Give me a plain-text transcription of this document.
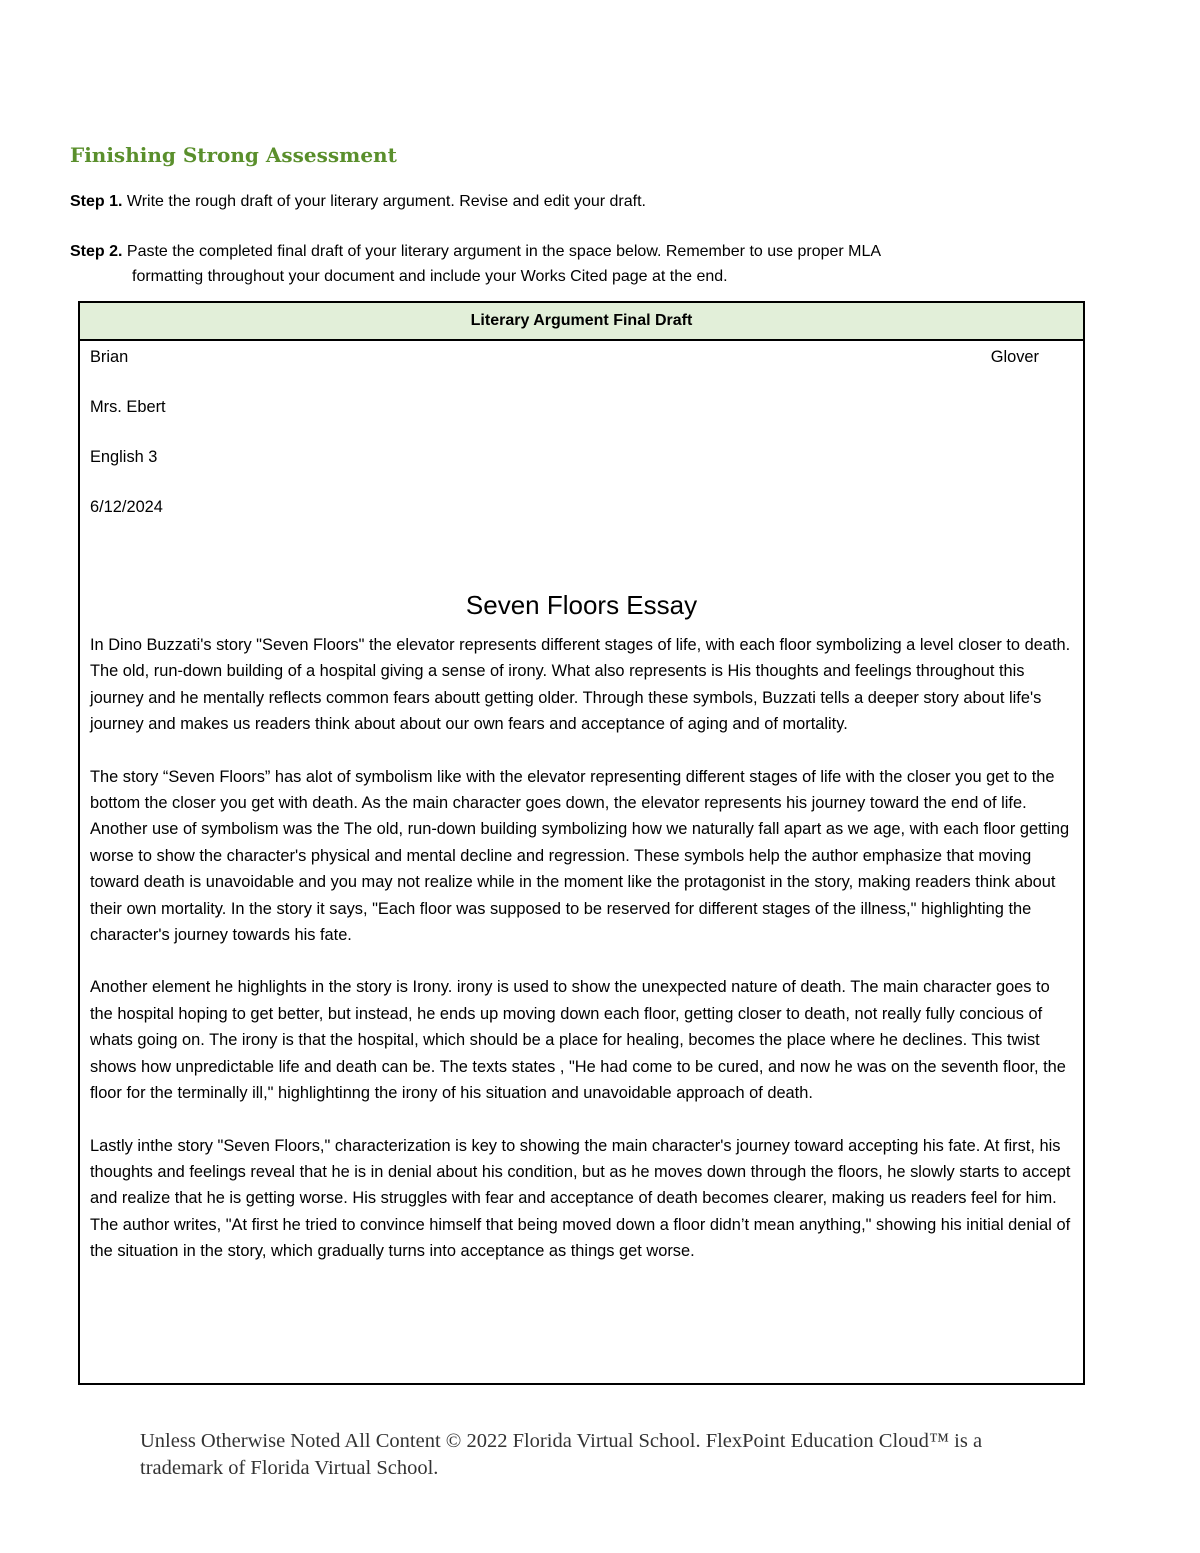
Finishing Strong Assessment

Step 1. Write the rough draft of your literary argument. Revise and edit your draft.

Step 2. Paste the completed final draft of your literary argument in the space below. Remember to use proper MLA
formatting throughout your document and include your Works Cited page at the end.

Literary Argument Final Draft
Brian	Glover
Mrs. Ebert
English 3
6/12/2024
Seven Floors Essay

In Dino Buzzati's story "Seven Floors" the elevator represents different stages of life, with each floor symbolizing a level closer to death. The old, run-down building of a hospital giving a sense of irony. What also represents is His thoughts and feelings throughout this journey and he mentally reflects common fears aboutt getting older. Through these symbols, Buzzati tells a deeper story about life's journey and makes us readers think about about our own fears and acceptance of aging and of mortality.

The story “Seven Floors” has alot of symbolism like with the elevator representing different stages of life with the closer you get to the bottom the closer you get with death. As the main character goes down, the elevator represents his journey toward the end of life. Another use of symbolism was the The old, run-down building symbolizing how we naturally fall apart as we age, with each floor getting worse to show the character's physical and mental decline and regression. These symbols help the author emphasize that moving toward death is unavoidable and you may not realize while in the moment like the protagonist in the story, making readers think about their own mortality. In the story it says, "Each floor was supposed to be reserved for different stages of the illness," highlighting the character's journey towards his fate.

Another element he highlights in the story is Irony. irony is used to show the unexpected nature of death. The main character goes to the hospital hoping to get better, but instead, he ends up moving down each floor, getting closer to death, not really fully concious of whats going on. The irony is that the hospital, which should be a place for healing, becomes the place where he declines. This twist shows how unpredictable life and death can be. The texts states , "He had come to be cured, and now he was on the seventh floor, the floor for the terminally ill," highlightinng the irony of his situation and unavoidable approach of death.

Lastly inthe story "Seven Floors," characterization is key to showing the main character's journey toward accepting his fate. At first, his thoughts and feelings reveal that he is in denial about his condition, but as he moves down through the floors, he slowly starts to accept and realize that he is getting worse. His struggles with fear and acceptance of death becomes clearer, making us readers feel for him. The author writes, "At first he tried to convince himself that being moved down a floor didn’t mean anything," showing his initial denial of the situation in the story, which gradually turns into acceptance as things get worse.

Unless Otherwise Noted All Content © 2022 Florida Virtual School. FlexPoint Education Cloud™ is a trademark of Florida Virtual School.
